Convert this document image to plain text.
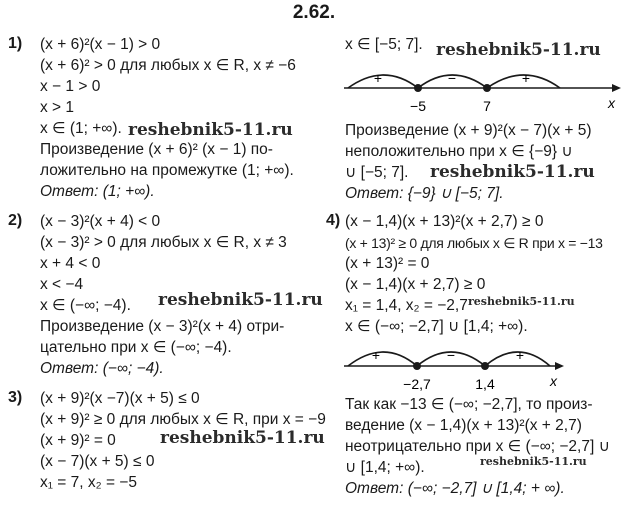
2.62.
1) (x + 6)²(x − 1) > 0
(x + 6)² > 0 для любых x ∈ R, x ≠ −6
x − 1 > 0
x > 1
x ∈ (1; +∞).
Произведение (x + 6)² (x − 1) по-
ложительно на промежутке (1; +∞).
Ответ: (1; +∞).
2) (x − 3)²(x + 4) < 0
(x − 3)² > 0 для любых x ∈ R, x ≠ 3
x + 4 < 0
x < −4
x ∈ (−∞; −4).
Произведение (x − 3)²(x + 4) отри-
цательно при x ∈ (−∞; −4).
Ответ: (−∞; −4).
3) (x + 9)²(x −7)(x + 5) ≤ 0
(x + 9)² ≥ 0 для любых x ∈ R, при x = −9
(x + 9)² = 0
(x − 7)(x + 5) ≤ 0
x₁ = 7, x₂ = −5
x ∈ [−5; 7].
+	−	+
−5	7	x
Произведение (x + 9)²(x − 7)(x + 5)
неположительно при x ∈ {−9} ∪
∪ [−5; 7].
Ответ: {−9} ∪ [−5; 7].
4) (x − 1,4)(x + 13)²(x + 2,7) ≥ 0
(x + 13)² ≥ 0 для любых x ∈ R при x = −13
(x + 13)² = 0
(x − 1,4)(x + 2,7) ≥ 0
x₁ = 1,4, x₂ = −2,7
x ∈ (−∞; −2,7] ∪ [1,4; +∞).
+	−	+
−2,7	1,4	x
Так как −13 ∈ (−∞; −2,7], то произ-
ведение (x − 1,4)(x + 13)²(x + 2,7)
неотрицательно при x ∈ (−∞; −2,7] ∪
∪ [1,4; +∞).
Ответ: (−∞; −2,7] ∪ [1,4; + ∞).
reshebnik5-11.ru
reshebnik5-11.ru
reshebnik5-11.ru
reshebnik5-11.ru	reshebnik5-11.ru
reshebnik5-11.ru
reshebnik5-11.ru
